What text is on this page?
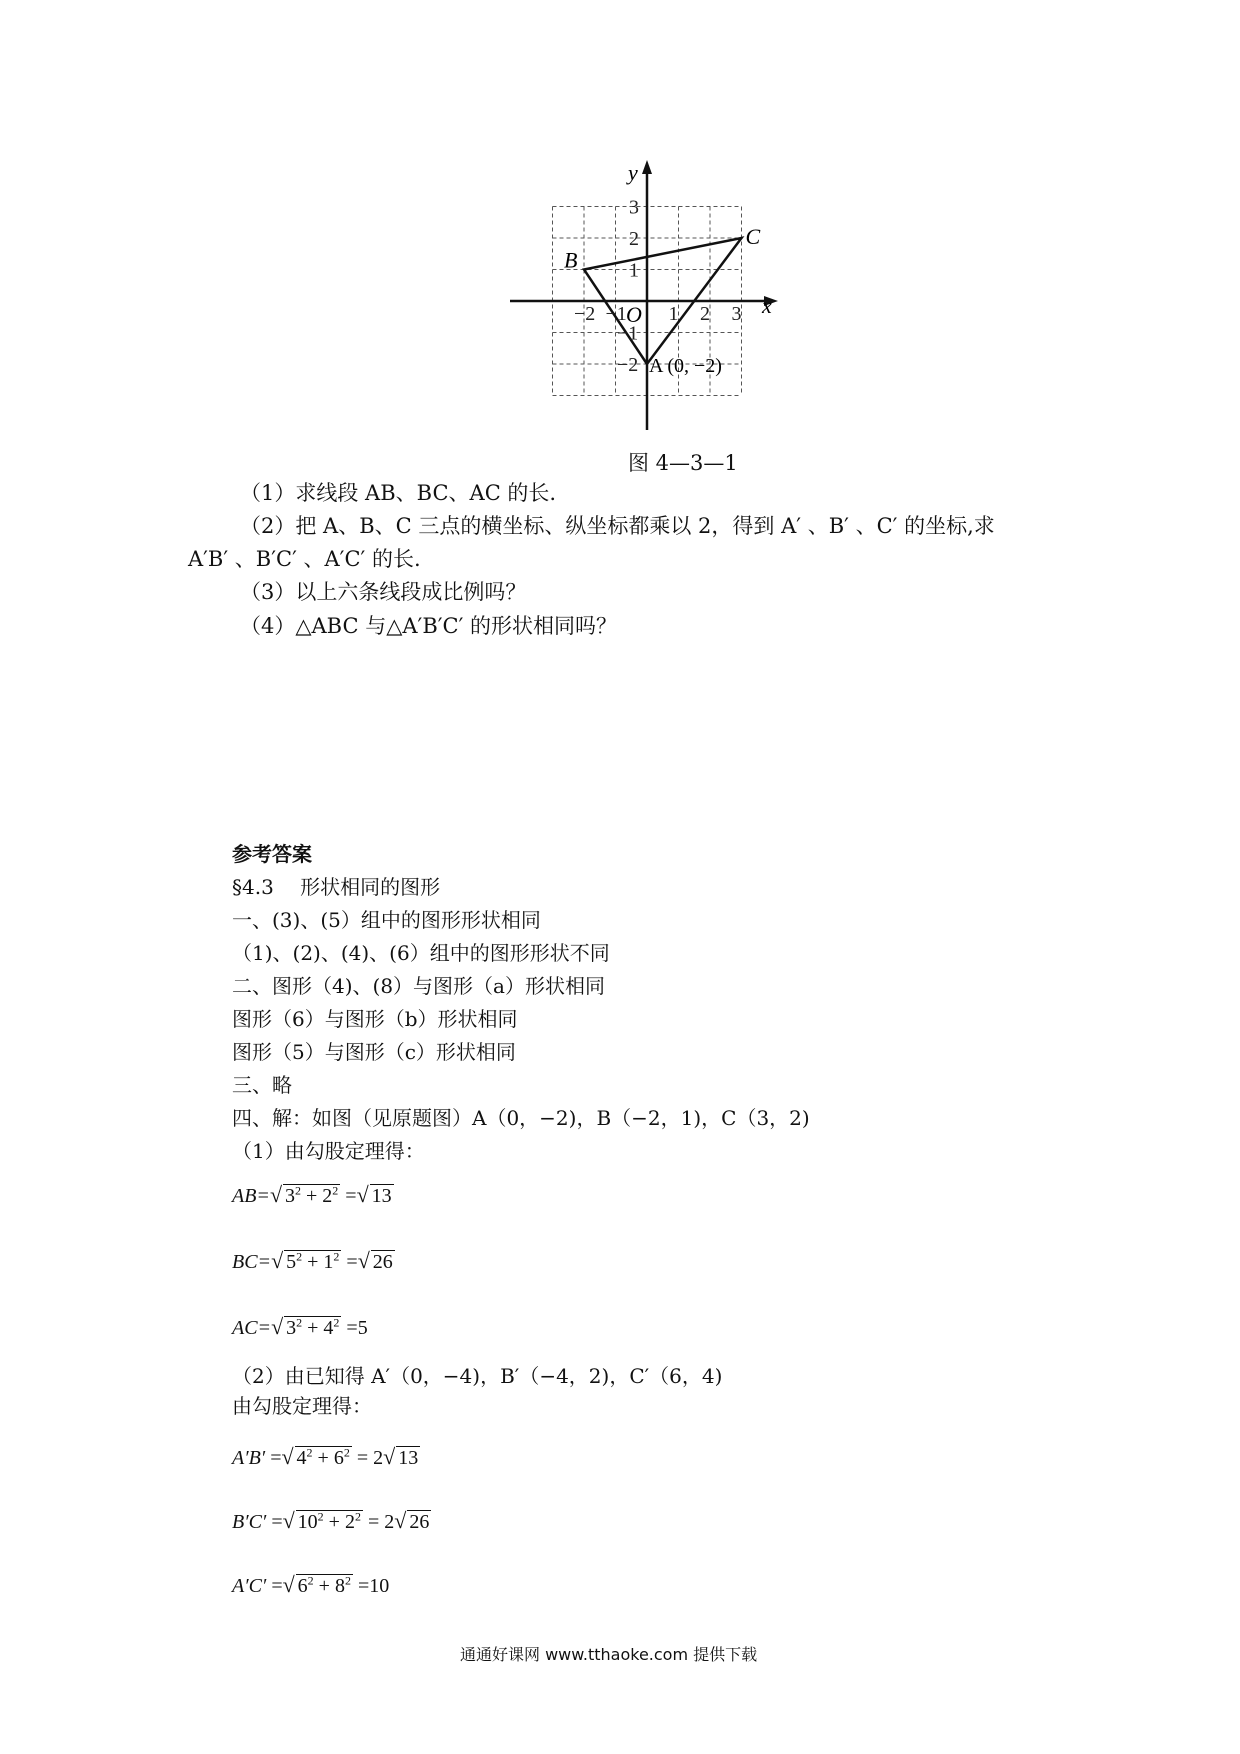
−2 −1 1 2 3
3
2
1
−1
−2
x
y
O
B
C
A (0, −2)
图 4—3—1
（1）求线段 AB、BC、AC 的长.
（2）把 A、B、C 三点的横坐标、纵坐标都乘以 2，得到 A′ 、B′ 、C′ 的坐标,求
A′B′ 、B′C′ 、A′C′ 的长.
（3）以上六条线段成比例吗？
（4）△ABC 与△A′B′C′ 的形状相同吗？
参考答案
§4.3　 形状相同的图形
一、(3)、(5）组中的图形形状相同
（1)、(2)、(4)、(6）组中的图形形状不同
二、图形（4)、(8）与图形（a）形状相同
图形（6）与图形（b）形状相同
图形（5）与图形（c）形状相同
三、略
四、解：如图（见原题图）A（0，−2)，B（−2，1)，C（3，2)
（1）由勾股定理得：
AB=√ $3^2 + 2^2$ =√ 13
BC=√ $5^2 + 1^2$ =√ 26
AC=√ $3^2 + 4^2 =5$
（2）由已知得 A′（0，−4)，B′（−4，2)，C′（6，4)
由勾股定理得：
A′B′ =√ $4^2 + 6^2 = 2√$ 13
B′C′ =√ $10^2 + 2^2 = 2√$ 26
A′C′ =√ $6^2 + 8^2 =10$
通通好课网 www.tthaoke.com 提供下载
